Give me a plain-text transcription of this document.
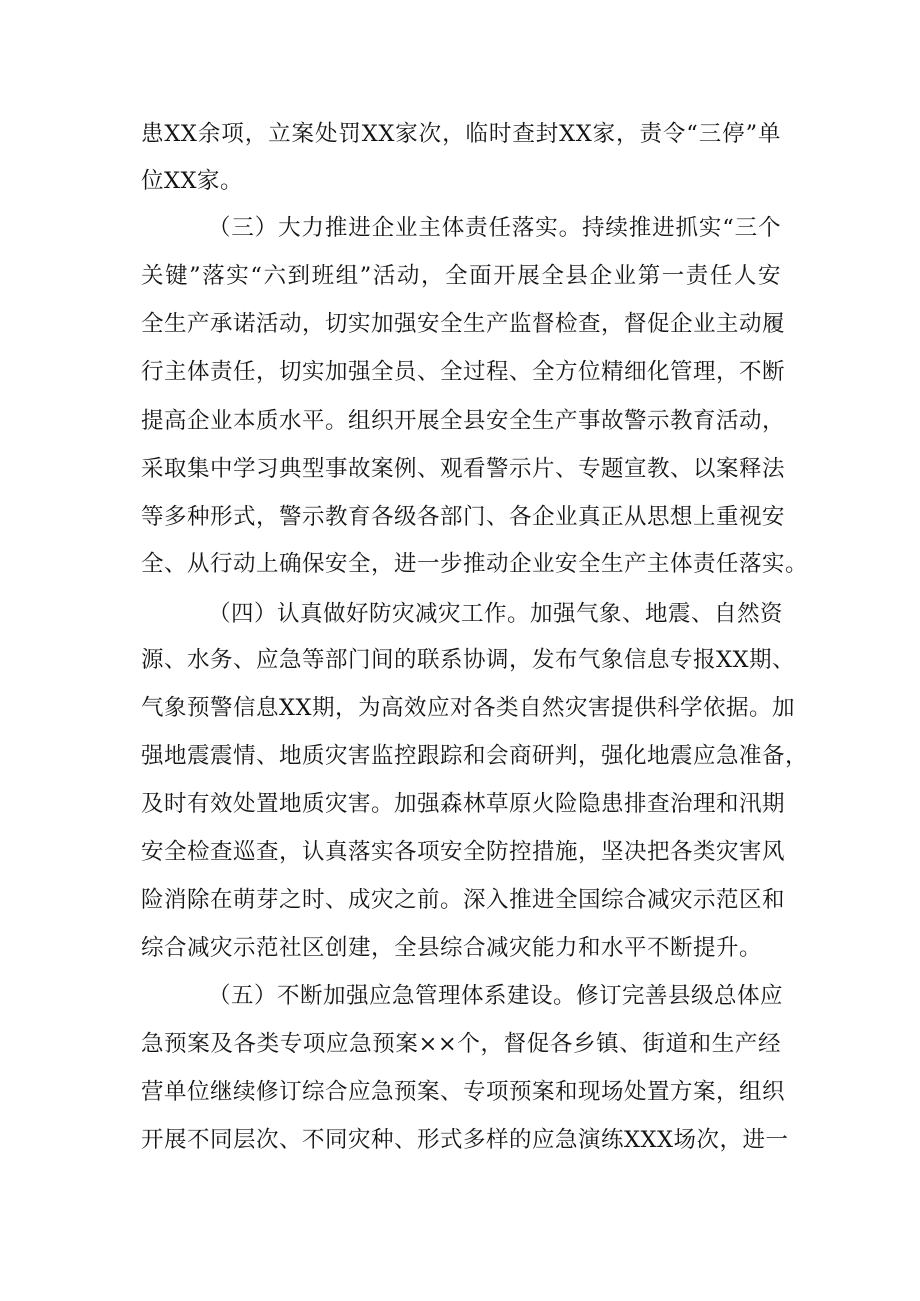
患XX余项，立案处罚XX家次，临时查封XX家，责令“三停”单
位XX家。
（三）大力推进企业主体责任落实。持续推进抓实“三个
关键”落实“六到班组”活动，全面开展全县企业第一责任人安
全生产承诺活动，切实加强安全生产监督检查，督促企业主动履
行主体责任，切实加强全员、全过程、全方位精细化管理，不断
提高企业本质水平。组织开展全县安全生产事故警示教育活动，
采取集中学习典型事故案例、观看警示片、专题宣教、以案释法
等多种形式，警示教育各级各部门、各企业真正从思想上重视安
全、从行动上确保安全，进一步推动企业安全生产主体责任落实。
（四）认真做好防灾减灾工作。加强气象、地震、自然资
源、水务、应急等部门间的联系协调，发布气象信息专报XX期、
气象预警信息XX期，为高效应对各类自然灾害提供科学依据。加
强地震震情、地质灾害监控跟踪和会商研判，强化地震应急准备，
及时有效处置地质灾害。加强森林草原火险隐患排查治理和汛期
安全检查巡查，认真落实各项安全防控措施，坚决把各类灾害风
险消除在萌芽之时、成灾之前。深入推进全国综合减灾示范区和
综合减灾示范社区创建，全县综合减灾能力和水平不断提升。
（五）不断加强应急管理体系建设。修订完善县级总体应
急预案及各类专项应急预案××个，督促各乡镇、街道和生产经
营单位继续修订综合应急预案、专项预案和现场处置方案，组织
开展不同层次、不同灾种、形式多样的应急演练XXX场次，进一
